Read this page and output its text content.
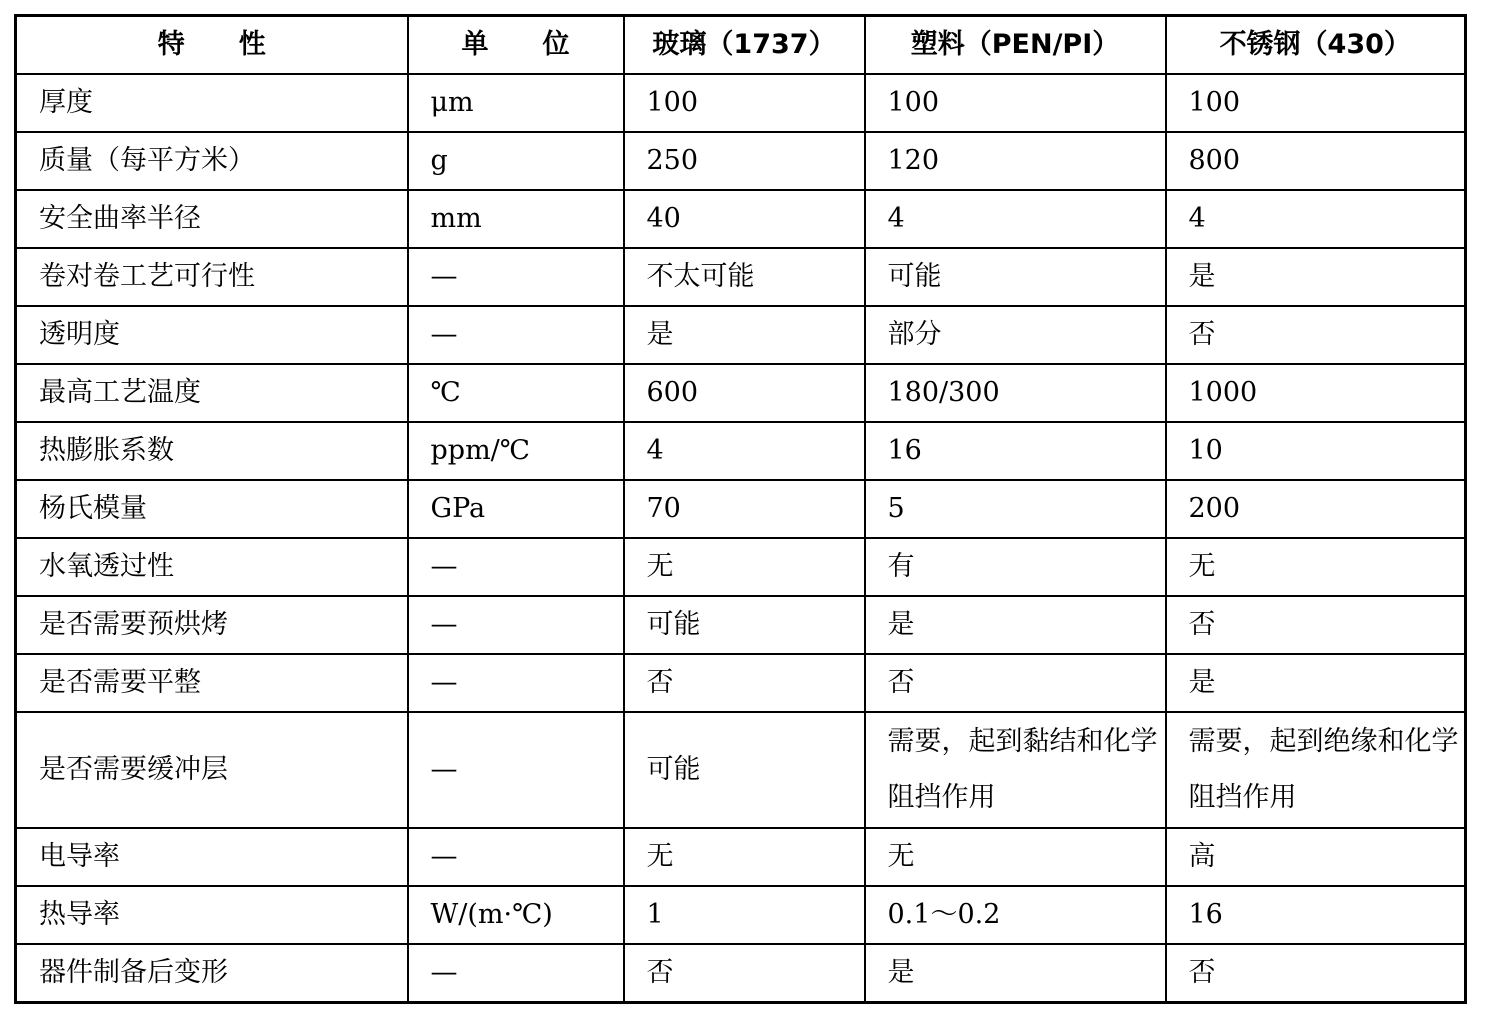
特　　性	单　　位	玻璃（1737）	塑料（PEN/PI）	不锈钢（430）
厚度	μm	100	100	100
质量（每平方米）	g	250	120	800
安全曲率半径	mm	40	4	4
卷对卷工艺可行性	—	不太可能	可能	是
透明度	—	是	部分	否
最高工艺温度	℃	600	180/300	1000
热膨胀系数	ppm/℃	4	16	10
杨氏模量	GPa	70	5	200
水氧透过性	—	无	有	无
是否需要预烘烤	—	可能	是	否
是否需要平整	—	否	否	是
是否需要缓冲层	—	可能	需要，起到黏结和化学阻挡作用	需要，起到绝缘和化学阻挡作用
电导率	—	无	无	高
热导率	W/(m·℃)	1	0.1～0.2	16
器件制备后变形	—	否	是	否
